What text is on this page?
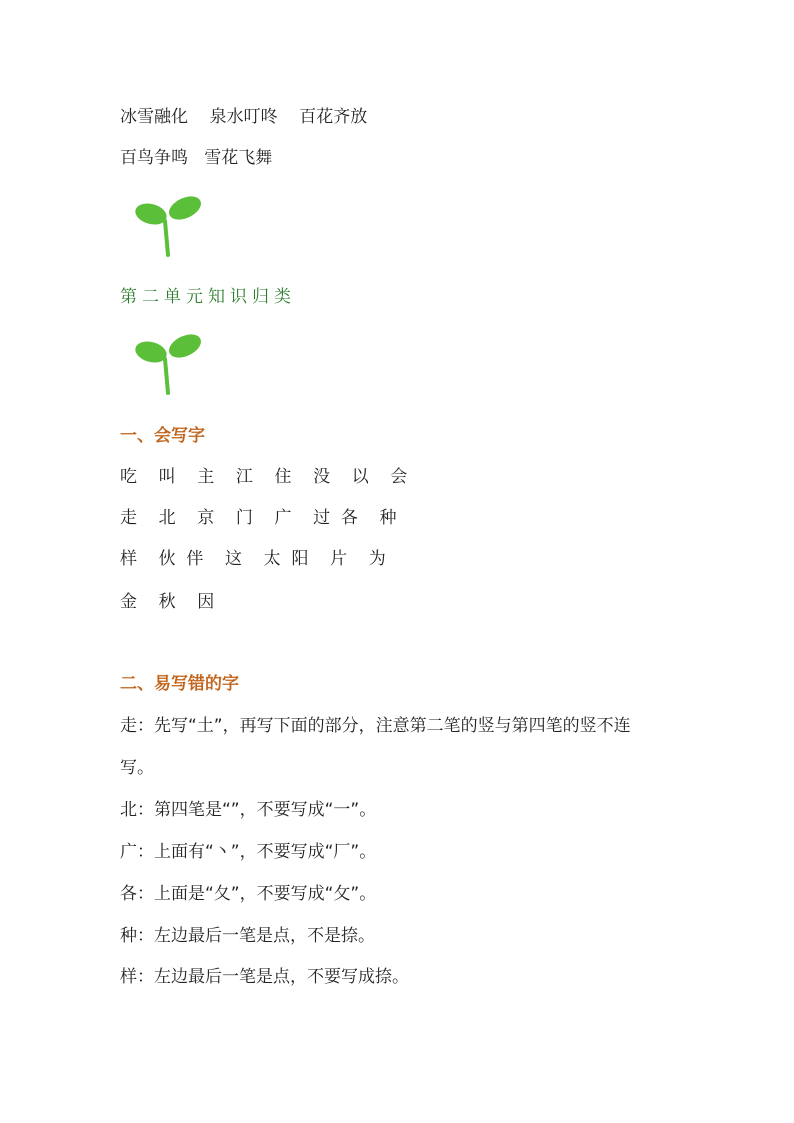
冰雪融化    泉水叮咚    百花齐放
百鸟争鸣   雪花飞舞
第二单元知识归类
一、会写字
吃    叫    主    江    住    没    以    会
走    北    京    门    广    过  各    种
样    伙  伴    这    太  阳    片    为
金    秋    因
二、易写错的字
走：先写“土”，再写下面的部分，注意第二笔的竖与第四笔的竖不连
写。
北：第四笔是“”，不要写成“一”。
广：上面有“丶”，不要写成“厂”。
各：上面是“夂”，不要写成“攵”。
种：左边最后一笔是点，不是捺。
样：左边最后一笔是点，不要写成捺。
